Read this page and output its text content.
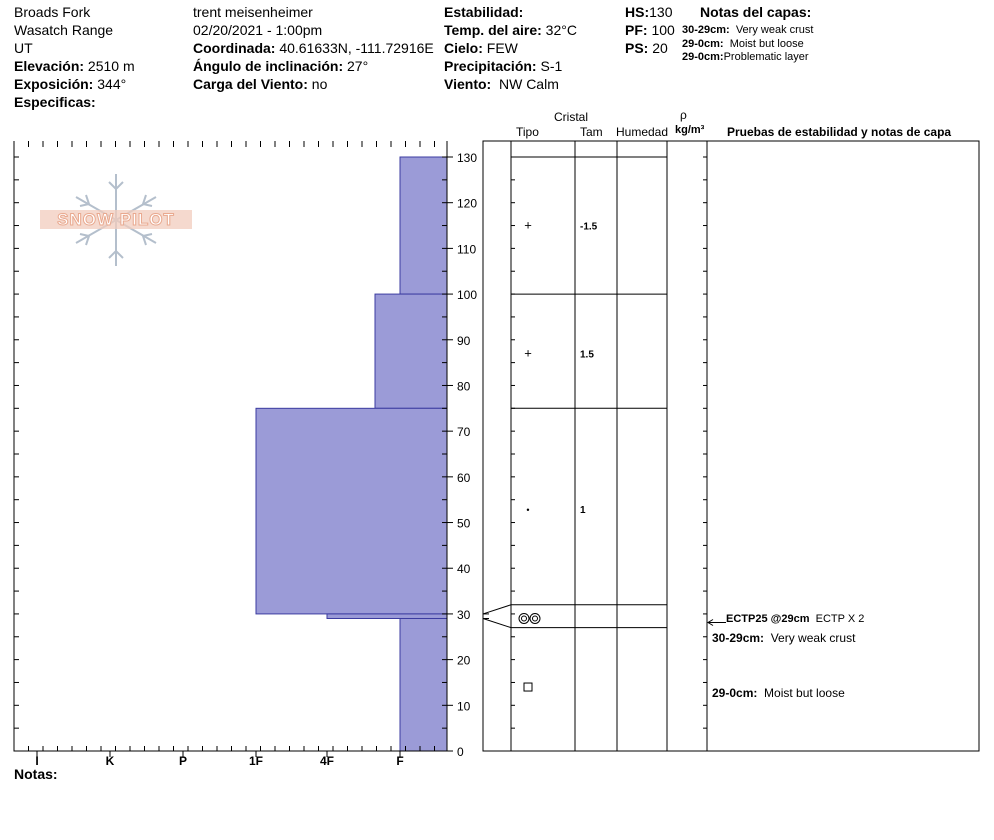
Broads Fork
Wasatch Range
UT
Elevación: 2510 m
Exposición: 344°
Especificas:
trent meisenheimer
02/20/2021 - 1:00pm
Coordinada: 40.61633N, -111.72916E
Ángulo de inclinación: 27°
Carga del Viento: no
Estabilidad:
Temp. del aire: 32°C
Cielo: FEW
Precipitación: S-1
Viento: NW Calm
HS:130
PF: 100
PS: 20
Notas del capas:
30-29cm: Very weak crust
29-0cm: Moist but loose
29-0cm:Problematic layer
Cristal
Tipo	Tam Humedad
ρ
kg/m³ Pruebas de estabilidad y notas de capa
SNOW PILOT
0
10
20
30
40
50
60
70
80
90
100
110
120
130
I	K	P	1F	4F	F
+	-1.5
+	1.5
•	1
ECTP25 @29cm ECTP X 2
30-29cm: Very weak crust
29-0cm: Moist but loose
Notas:
